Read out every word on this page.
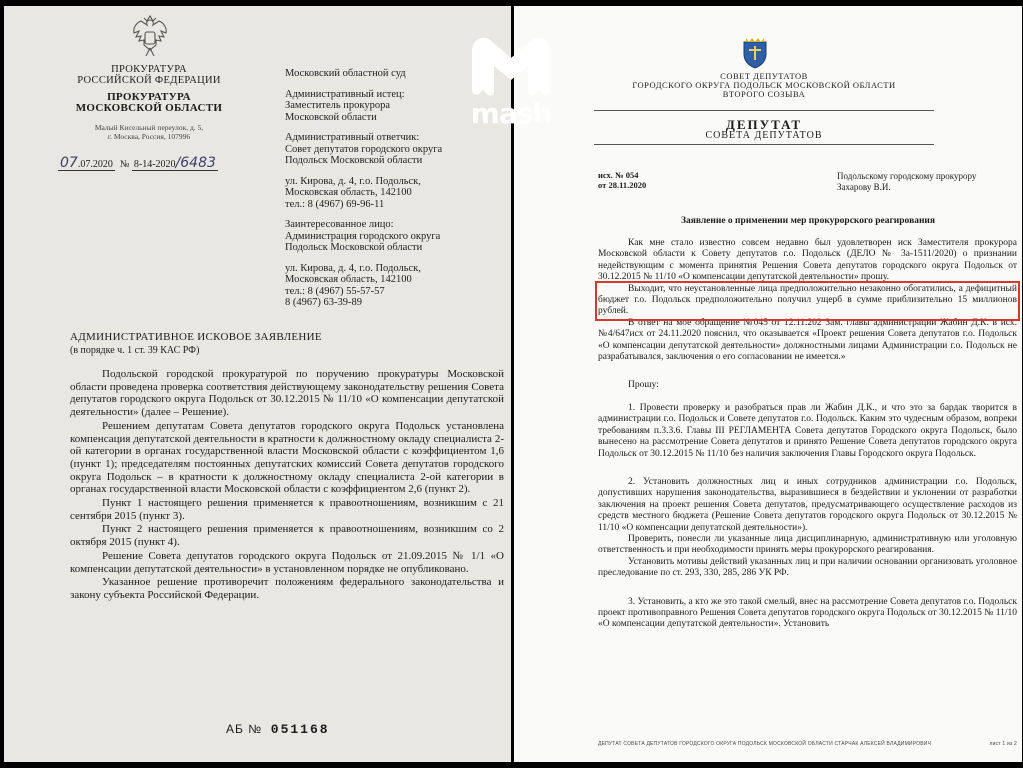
ПРОКУРАТУРА
РОССИЙСКОЙ ФЕДЕРАЦИИ
ПРОКУРАТУРА
МОСКОВСКОЙ ОБЛАСТИ
Малый Кисельный переулок, д. 5,
г. Москва, Россия, 107996
07.07.2020 № 8-14-2020/6483
Московский областной суд
Административный истец:
Заместитель прокурора
Московской области
Административный ответчик:
Совет депутатов городского округа
Подольск Московской области
ул. Кирова, д. 4, г.о. Подольск,
Московская область, 142100
тел.: 8 (4967) 69-96-11
Заинтересованное лицо:
Администрация городского округа
Подольск Московской области
ул. Кирова, д. 4, г.о. Подольск,
Московская область, 142100
тел.: 8 (4967) 55-57-57
8 (4967) 63-39-89
АДМИНИСТРАТИВНОЕ ИСКОВОЕ ЗАЯВЛЕНИЕ
(в порядке ч. 1 ст. 39 КАС РФ)

Подольской городской прокуратурой по поручению прокуратуры Московской области проведена проверка соответствия действующему законодательству решения Совета депутатов городского округа Подольск от 30.12.2015 № 11/10 «О компенсации депутатской деятельности» (далее – Решение).

Решением депутатам Совета депутатов городского округа Подольск установлена компенсация депутатской деятельности в кратности к должностному окладу специалиста 2-ой категории в органах государственной власти Московской области с коэффициентом 1,6 (пункт 1); председателям постоянных депутатских комиссий Совета депутатов городского округа Подольск – в кратности к должностному окладу специалиста 2-ой категории в органах государственной власти Московской области с коэффициентом 2,6 (пункт 2).

Пункт 1 настоящего решения применяется к правоотношениям, возникшим с 21 сентября 2015 (пункт 3).

Пункт 2 настоящего решения применяется к правоотношениям, возникшим со 2 октября 2015 (пункт 4).

Решение Совета депутатов городского округа Подольск от 21.09.2015 № 1/1 «О компенсации депутатской деятельности» в установленном порядке не опубликовано.

Указанное решение противоречит положениям федерального законодательства и закону субъекта Российской Федерации.

АБ № 051168
СОВЕТ ДЕПУТАТОВ
ГОРОДСКОГО ОКРУГА ПОДОЛЬСК МОСКОВСКОЙ ОБЛАСТИ
ВТОРОГО СОЗЫВА
ДЕПУТАТ
СОВЕТА ДЕПУТАТОВ
исх. № 054
от 28.11.2020
Подольскому городскому прокурору
Захарову В.И.
Заявление о применении мер прокурорского реагирования

Как мне стало известно совсем недавно был удовлетворен иск Заместителя прокурора Московской области к Совету депутатов г.о. Подольск (ДЕЛО № 3а-1511/2020) о признании недействующим с момента принятия Решения Совета депутатов городского округа Подольск от 30.12.2015 № 11/10 «О компенсации депутатской деятельности» прошу.

Выходит, что неустановленные лица предположительно незаконно обогатились, а дефицитный бюджет г.о. Подольск предположительно получил ущерб в сумме приблизительно 15 миллионов рублей.

В ответ на мое обращение №045 от 12.11.202 Зам. главы администрации Жабин Д.К. в исх. №4/647исх от 24.11.2020 пояснил, что оказывается «Проект решения Совета депутатов г.о. Подольск «О компенсации депутатской деятельности» должностными лицами Администрации г.о. Подольск не разрабатывался, заключения о его согласовании не имеется.»

Прошу:

1. Провести проверку и разобраться прав ли Жабин Д.К., и что это за бардак творится в администрации г.о. Подольск и Совете депутатов г.о. Подольск. Каким это чудесным образом, вопреки требованиям п.3.3.6. Главы III РЕГЛАМЕНТА Совета депутатов Городского округа Подольск, было вынесено на рассмотрение Совета депутатов и принято Решение Совета депутатов городского округа Подольск от 30.12.2015 № 11/10 без наличия заключения Главы Городского округа Подольск.

2. Установить должностных лиц и иных сотрудников администрации г.о. Подольск, допустивших нарушения законодательства, выразившиеся в бездействии и уклонении от разработки заключения на проект решения Совета депутатов, предусматривающего осуществление расходов из средств местного бюджета (Решение Совета депутатов городского округа Подольск от 30.12.2015 № 11/10 «О компенсации депутатской деятельности»).

Проверить, понесли ли указанные лица дисциплинарную, административную или уголовную ответственность и при необходимости принять меры прокурорского реагирования.

Установить мотивы действий указанных лиц и при наличии основании организовать уголовное преследование по ст. 293, 330, 285, 286 УК РФ.

3. Установить, а кто же это такой смелый, внес на рассмотрение Совета депутатов г.о. Подольск проект противоправного Решения Совета депутатов городского округа Подольск от 30.12.2015 № 11/10 «О компенсации депутатской деятельности». Установить

ДЕПУТАТ СОВЕТА ДЕПУТАТОВ ГОРОДСКОГО ОКРУГА ПОДОЛЬСК МОСКОВСКОЙ ОБЛАСТИ СТАРЧАК АЛЕКСЕЙ ВЛАДИМИРОВИЧ	лист 1 из 2
mash
